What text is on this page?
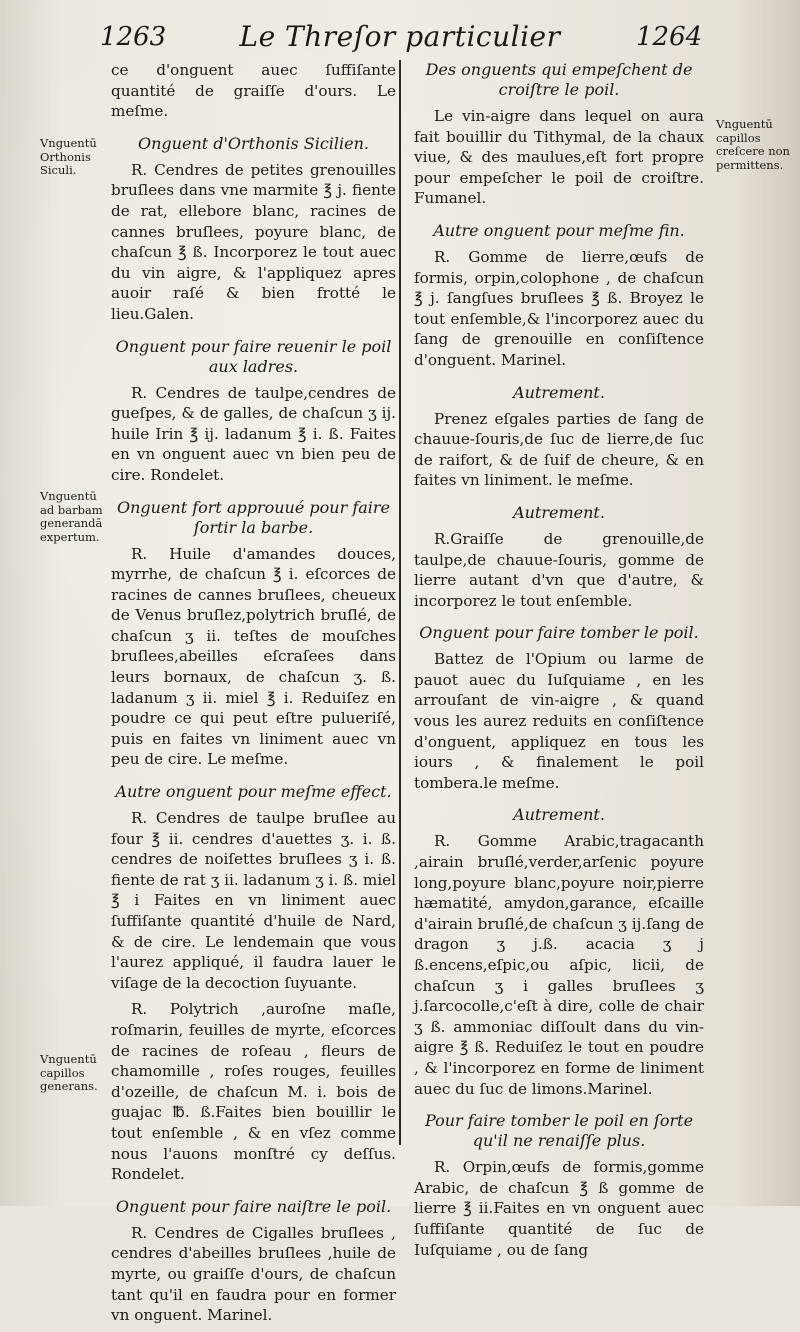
1263	Le Threſor particulier	1264

ce d'onguent auec ſuffiſante quantité de graiſſe d'ours. Le meſme.

Onguent d'Orthonis Sicilien.

R. Cendres de petites grenouilles bruſlees dans vne marmite ℥ j. fiente de rat, ellebore blanc, racines de cannes bruſlees, poyure blanc, de chaſcun ℥ ß. Incorporez le tout auec du vin aigre, & l'appliquez apres auoir raſé & bien frotté le lieu.Galen.

Onguent pour faire reuenir le poil aux ladres.

R. Cendres de taulpe,cendres de gueſpes, & de galles, de chaſcun ʒ ij. huile Irin ℥ ij. ladanum ℥ i. ß. Faites en vn onguent auec vn bien peu de cire. Rondelet.

Onguent fort approuué pour faire ſortir la barbe.

R. Huile d'amandes douces, myrrhe, de chaſcun ℥ i. eſcorces de racines de cannes bruſlees, cheueux de Venus bruſlez,polytrich bruſlé, de chaſcun ʒ ii. teſtes de mouſches bruſlees,abeilles eſcraſees dans leurs bornaux, de chaſcun ʒ. ß. ladanum ʒ ii. miel ℥ i. Reduiſez en poudre ce qui peut eſtre pulueriſé, puis en faites vn liniment auec vn peu de cire. Le meſme.

Autre onguent pour meſme effect.

R. Cendres de taulpe bruſlee au four ℥ ii. cendres d'auettes ʒ. i. ß. cendres de noiſettes bruſlees ʒ i. ß. fiente de rat ʒ ii. ladanum ʒ i. ß. miel ℥ i Faites en vn liniment auec ſuffiſante quantité d'huile de Nard, & de cire. Le lendemain que vous l'aurez appliqué, il faudra lauer le viſage de la decoction ſuyuante.

R. Polytrich ,auroſne maſle, roſmarin, feuilles de myrte, eſcorces de racines de roſeau , fleurs de chamomille , roſes rouges, feuilles d'ozeille, de chaſcun M. i. bois de guajac ℔. ß.Faites bien bouillir le tout enſemble , & en vſez comme nous l'auons monſtré cy deſſus. Rondelet.

Onguent pour faire naiſtre le poil.

R. Cendres de Cigalles bruſlees , cendres d'abeilles bruſlees ,huile de myrte, ou graiſſe d'ours, de chaſcun tant qu'il en faudra pour en former vn onguent. Marinel.

Vnguentū Orthonis Siculi.
Vnguentū ad barbam generandā expertum.
Vnguentū capillos generans.
Des onguents qui empeſchent de croiſtre le poil.

Le vin-aigre dans lequel on aura fait bouillir du Tithymal, de la chaux viue, & des maulues,eſt fort propre pour empeſcher le poil de croiſtre. Fumanel.

Autre onguent pour meſme fin.

R. Gomme de lierre,œufs de formis, orpin,colophone , de chaſcun ℥ j. ſangſues bruſlees ℥ ß. Broyez le tout enſemble,& l'incorporez auec du ſang de grenouille en conſiſtence d'onguent. Marinel.

Autrement.

Prenez eſgales parties de ſang de chauue-ſouris,de ſuc de lierre,de ſuc de raifort, & de ſuif de cheure, & en faites vn liniment. le meſme.

Autrement.

R.Graiſſe de grenouille,de taulpe,de chauue-ſouris, gomme de lierre autant d'vn que d'autre, & incorporez le tout enſemble.

Onguent pour faire tomber le poil.

Battez de l'Opium ou larme de pauot auec du Iuſquiame , en les arrouſant de vin-aigre , & quand vous les aurez reduits en conſiſtence d'onguent, appliquez en tous les iours , & finalement le poil tombera.le meſme.

Autrement.

R. Gomme Arabic,tragacanth ,airain bruſlé,verder,arſenic poyure long,poyure blanc,poyure noir,pierre hæmatité, amydon,garance, eſcaille d'airain bruſlé,de chaſcun ʒ ij.ſang de dragon ʒ j.ß. acacia ʒ j ß.encens,eſpic,ou aſpic, licii, de chaſcun ʒ i galles bruſlees ʒ j.ſarcocolle,c'eſt à dire, colle de chair ʒ ß. ammoniac diſſoult dans du vin-aigre ℥ ß. Reduiſez le tout en poudre , & l'incorporez en forme de liniment auec du ſuc de limons.Marinel.

Pour faire tomber le poil en ſorte qu'il ne renaiſſe plus.

R. Orpin,œufs de formis,gomme Arabic, de chaſcun ℥ ß gomme de lierre ℥ ii.Faites en vn onguent auec ſuffiſante quantité de ſuc de Iuſquiame , ou de ſang

Vnguentū capillos creſcere non permittens.
